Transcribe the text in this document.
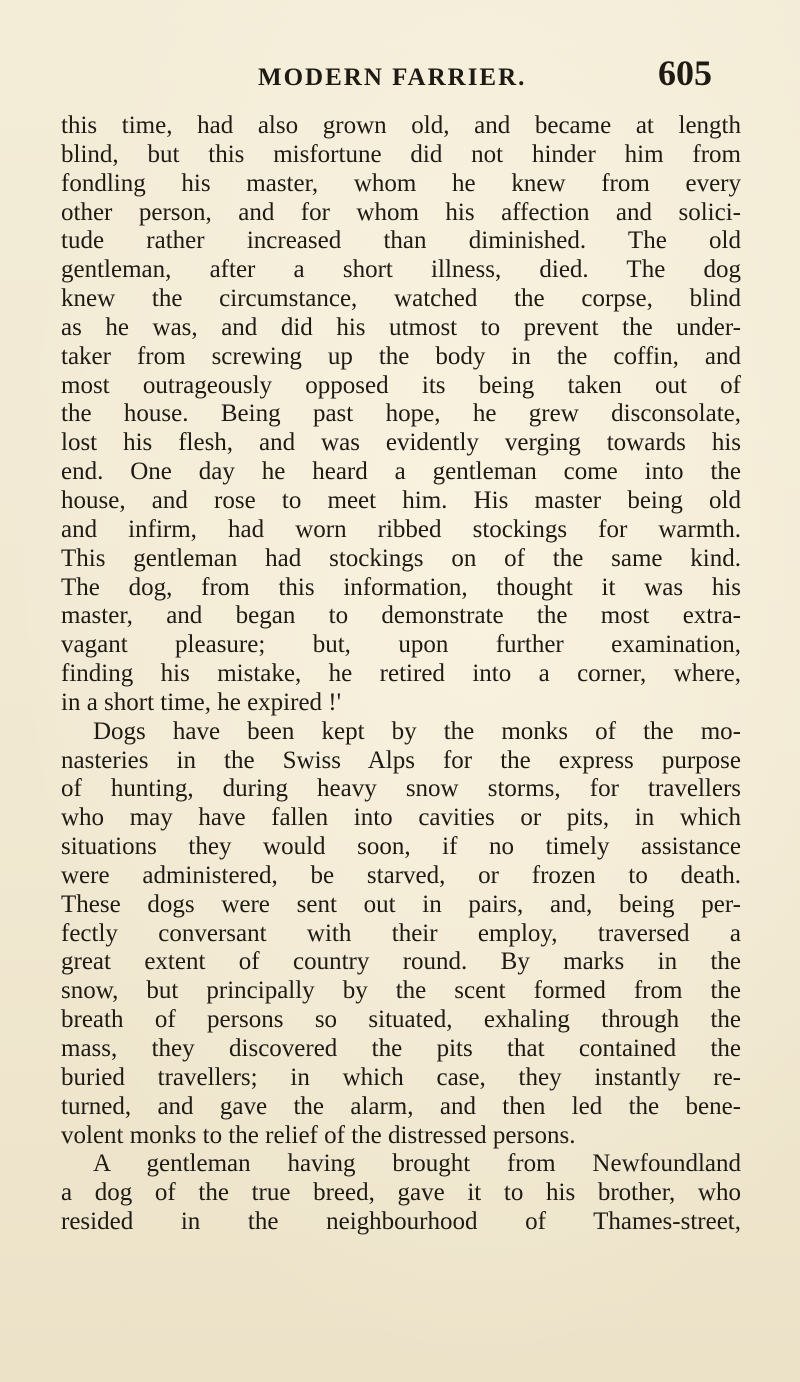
MODERN FARRIER.	605
this time, had also grown old, and became at length
blind, but this misfortune did not hinder him from
fondling his master, whom he knew from every
other person, and for whom his affection and solici-
tude rather increased than diminished. The old
gentleman, after a short illness, died. The dog
knew the circumstance, watched the corpse, blind
as he was, and did his utmost to prevent the under-
taker from screwing up the body in the coffin, and
most outrageously opposed its being taken out of
the house. Being past hope, he grew disconsolate,
lost his flesh, and was evidently verging towards his
end. One day he heard a gentleman come into the
house, and rose to meet him. His master being old
and infirm, had worn ribbed stockings for warmth.
This gentleman had stockings on of the same kind.
The dog, from this information, thought it was his
master, and began to demonstrate the most extra-
vagant pleasure; but, upon further examination,
finding his mistake, he retired into a corner, where,
in a short time, he expired !'
Dogs have been kept by the monks of the mo-
nasteries in the Swiss Alps for the express purpose
of hunting, during heavy snow storms, for travellers
who may have fallen into cavities or pits, in which
situations they would soon, if no timely assistance
were administered, be starved, or frozen to death.
These dogs were sent out in pairs, and, being per-
fectly conversant with their employ, traversed a
great extent of country round. By marks in the
snow, but principally by the scent formed from the
breath of persons so situated, exhaling through the
mass, they discovered the pits that contained the
buried travellers; in which case, they instantly re-
turned, and gave the alarm, and then led the bene-
volent monks to the relief of the distressed persons.
A gentleman having brought from Newfoundland
a dog of the true breed, gave it to his brother, who
resided in the neighbourhood of Thames-street,
